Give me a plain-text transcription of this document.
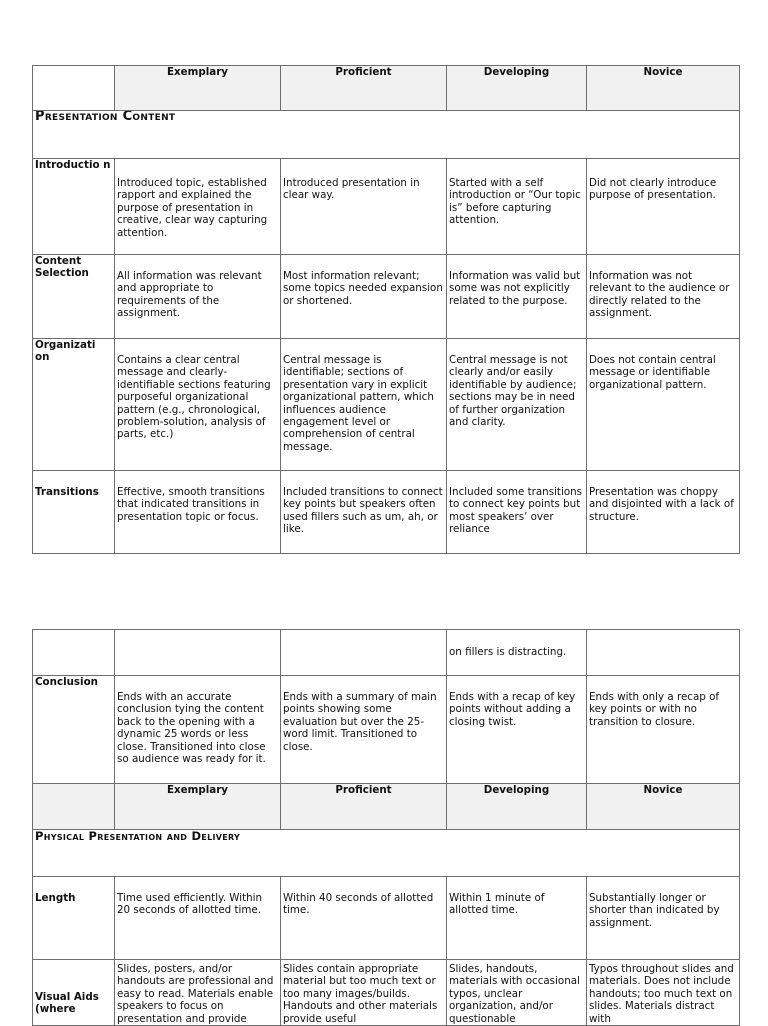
	Exemplary	Proficient	Developing	Novice
Presentation Content				
Introductio n	Introduced topic, established rapport and explained the purpose of presentation in creative, clear way capturing attention.	Introduced presentation in clear way.	Started with a self introduction or “Our topic is” before capturing attention.	Did not clearly introduce purpose of presentation.
Content Selection	All information was relevant and appropriate to requirements of the assignment.	Most information relevant; some topics needed expansion or shortened.	Information was valid but some was not explicitly related to the purpose.	Information was not relevant to the audience or directly related to the assignment.
Organizati on	Contains a clear central message and clearly-identifiable sections featuring purposeful organizational pattern (e.g., chronological, problem-solution, analysis of parts, etc.)	Central message is identifiable; sections of presentation vary in explicit organizational pattern, which influences audience engagement level or comprehension of central message.	Central message is not clearly and/or easily identifiable by audience; sections may be in need of further organization and clarity.	Does not contain central message or identifiable organizational pattern.
Transitions	Effective, smooth transitions that indicated transitions in presentation topic or focus.	Included transitions to connect key points but speakers often used fillers such as um, ah, or like.	Included some transitions to connect key points but most speakers’ over reliance	Presentation was choppy and disjointed with a lack of structure.
			on fillers is distracting.	
Conclusion	Ends with an accurate conclusion tying the content back to the opening with a dynamic 25 words or less close. Transitioned into close so audience was ready for it.	Ends with a summary of main points showing some evaluation but over the 25-word limit. Transitioned to close.	Ends with a recap of key points without adding a closing twist.	Ends with only a recap of key points or with no transition to closure.
	Exemplary	Proficient	Developing	Novice
Physical Presentation and Delivery				
Length	Time used efficiently. Within 20 seconds of allotted time.	Within 40 seconds of allotted time.	Within 1 minute of allotted time.	Substantially longer or shorter than indicated by assignment.
Visual Aids (where	Slides, posters, and/or handouts are professional and easy to read. Materials enable speakers to focus on presentation and provide	Slides contain appropriate material but too much text or too many images/builds. Handouts and other materials provide useful	Slides, handouts, materials with occasional typos, unclear organization, and/or questionable	Typos throughout slides and materials. Does not include handouts; too much text on slides. Materials distract with
